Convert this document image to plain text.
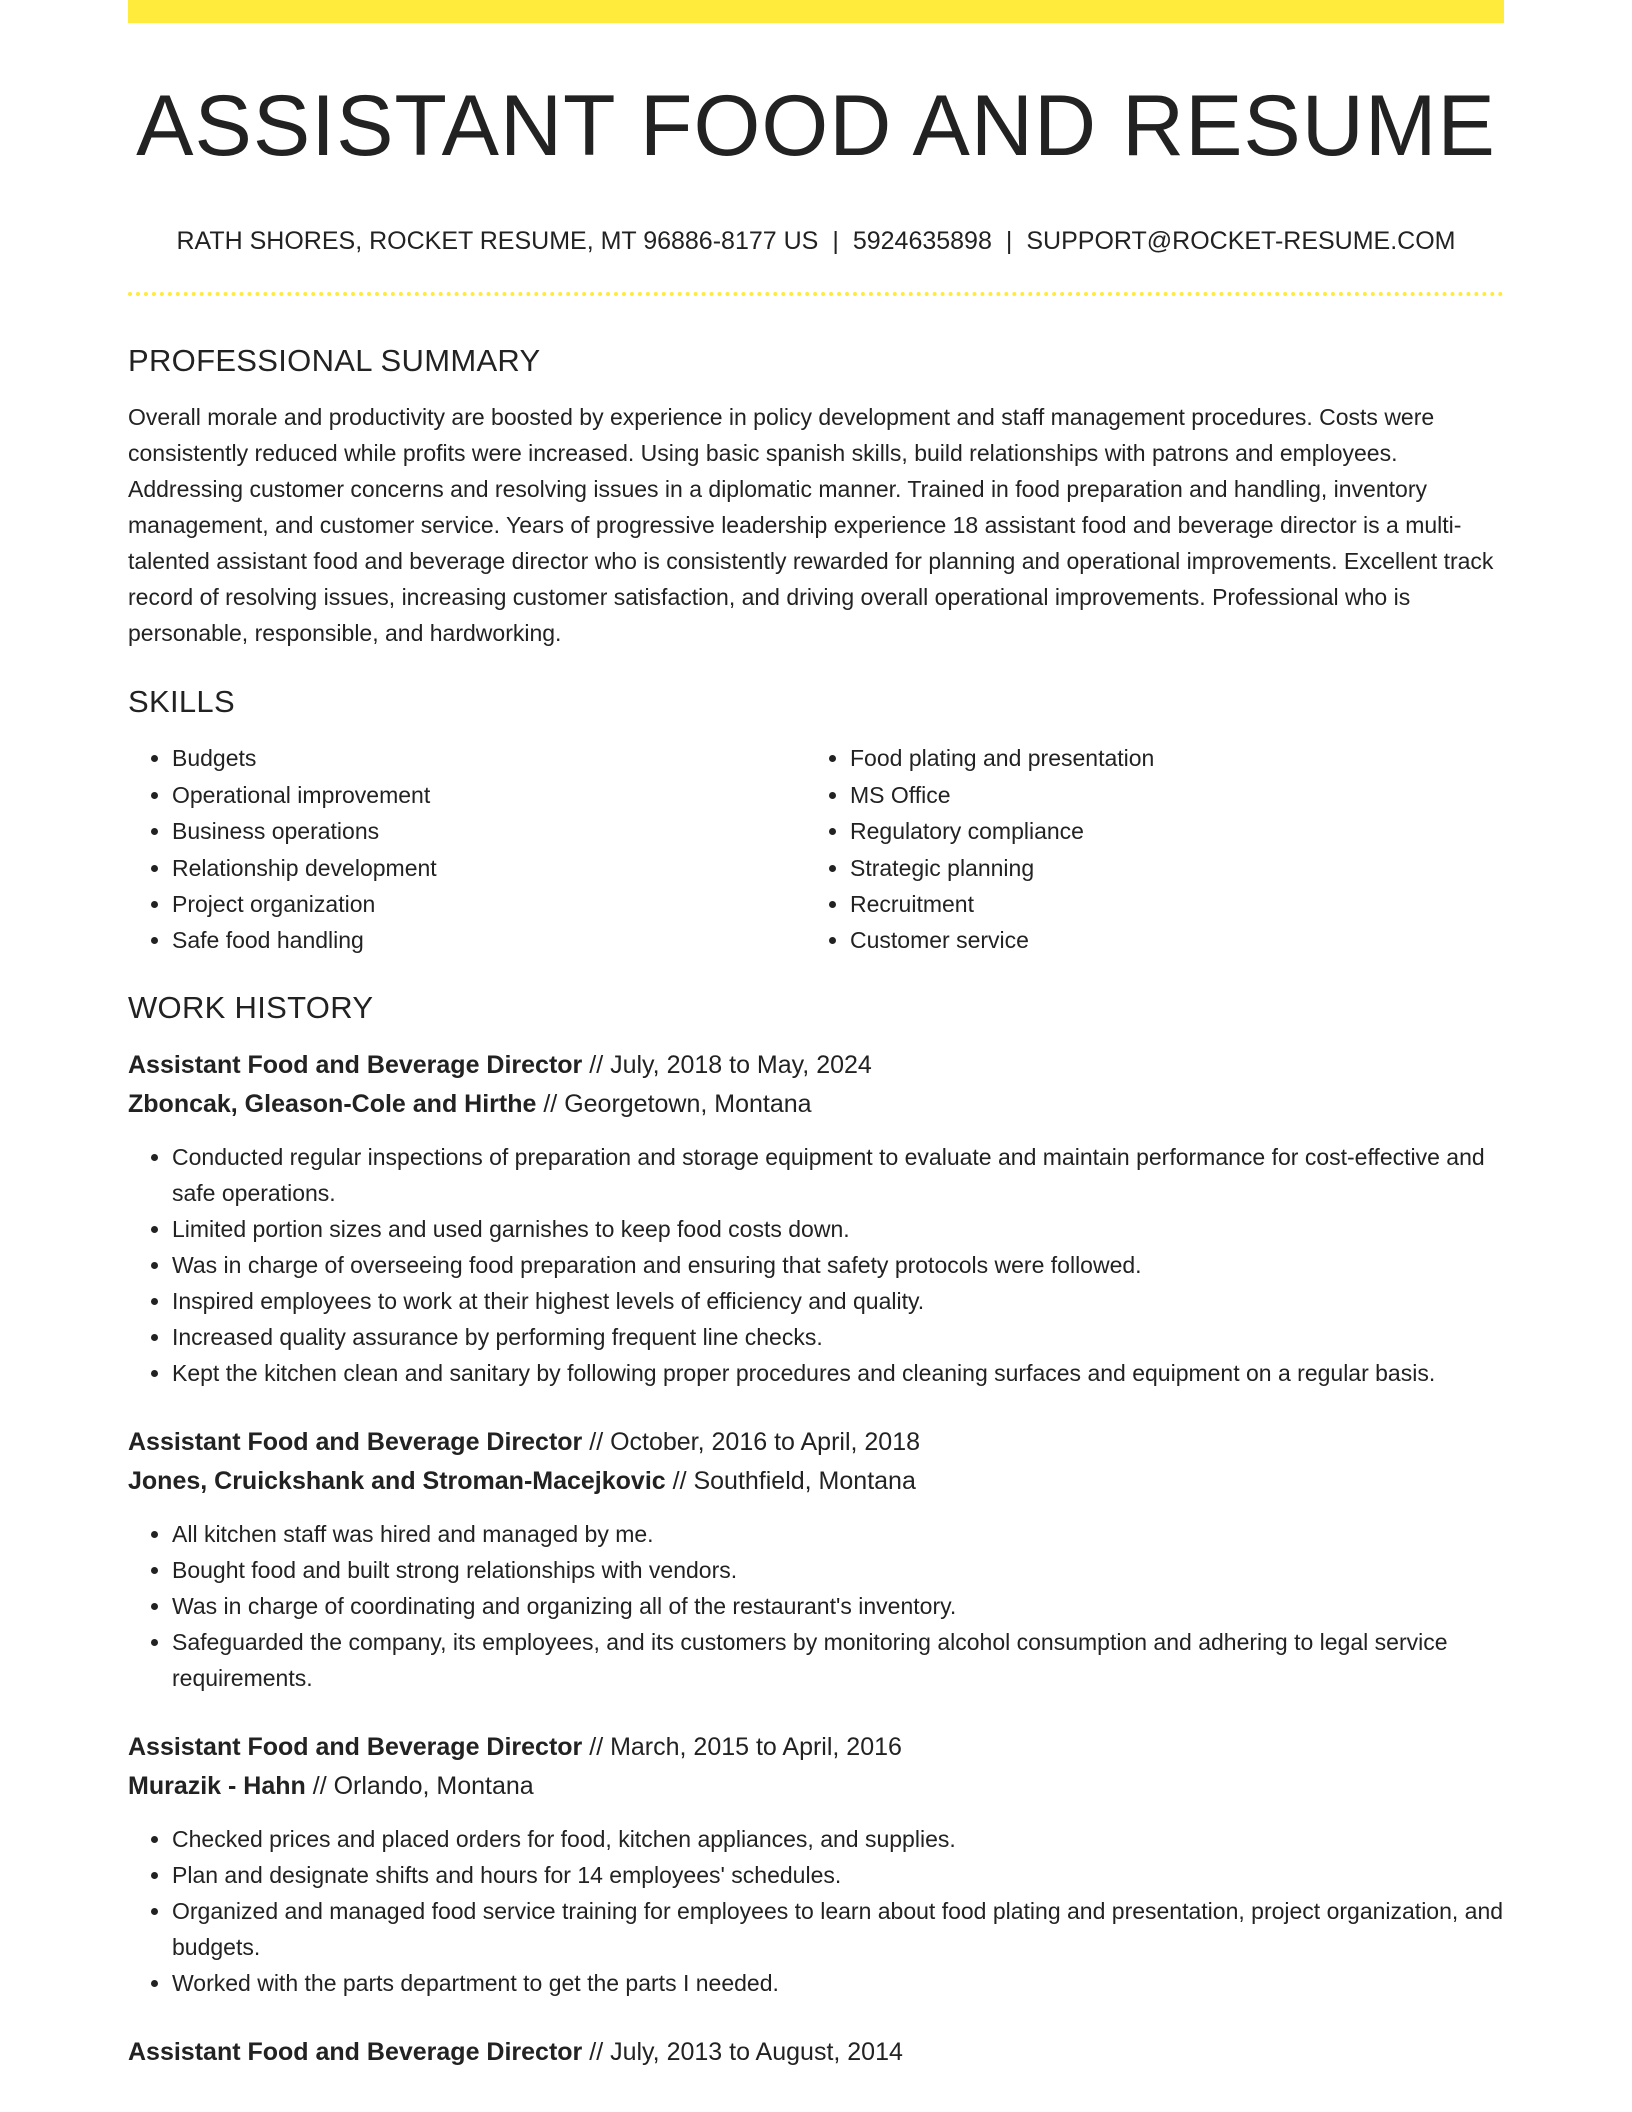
ASSISTANT FOOD AND RESUME
RATH SHORES, ROCKET RESUME, MT 96886-8177 US | 5924635898 | SUPPORT@ROCKET-RESUME.COM
PROFESSIONAL SUMMARY
Overall morale and productivity are boosted by experience in policy development and staff management procedures. Costs were consistently reduced while profits were increased. Using basic spanish skills, build relationships with patrons and employees. Addressing customer concerns and resolving issues in a diplomatic manner. Trained in food preparation and handling, inventory management, and customer service. Years of progressive leadership experience 18 assistant food and beverage director is a multi-talented assistant food and beverage director who is consistently rewarded for planning and operational improvements. Excellent track record of resolving issues, increasing customer satisfaction, and driving overall operational improvements. Professional who is personable, responsible, and hardworking.
SKILLS
• Budgets
• Operational improvement
• Business operations
• Relationship development
• Project organization
• Safe food handling
• Food plating and presentation
• MS Office
• Regulatory compliance
• Strategic planning
• Recruitment
• Customer service
WORK HISTORY
Assistant Food and Beverage Director // July, 2018 to May, 2024
Zboncak, Gleason-Cole and Hirthe // Georgetown, Montana
• Conducted regular inspections of preparation and storage equipment to evaluate and maintain performance for cost-effective and safe operations.
• Limited portion sizes and used garnishes to keep food costs down.
• Was in charge of overseeing food preparation and ensuring that safety protocols were followed.
• Inspired employees to work at their highest levels of efficiency and quality.
• Increased quality assurance by performing frequent line checks.
• Kept the kitchen clean and sanitary by following proper procedures and cleaning surfaces and equipment on a regular basis.
Assistant Food and Beverage Director // October, 2016 to April, 2018
Jones, Cruickshank and Stroman-Macejkovic // Southfield, Montana
• All kitchen staff was hired and managed by me.
• Bought food and built strong relationships with vendors.
• Was in charge of coordinating and organizing all of the restaurant's inventory.
• Safeguarded the company, its employees, and its customers by monitoring alcohol consumption and adhering to legal service requirements.
Assistant Food and Beverage Director // March, 2015 to April, 2016
Murazik - Hahn // Orlando, Montana
• Checked prices and placed orders for food, kitchen appliances, and supplies.
• Plan and designate shifts and hours for 14 employees' schedules.
• Organized and managed food service training for employees to learn about food plating and presentation, project organization, and budgets.
• Worked with the parts department to get the parts I needed.
Assistant Food and Beverage Director // July, 2013 to August, 2014
